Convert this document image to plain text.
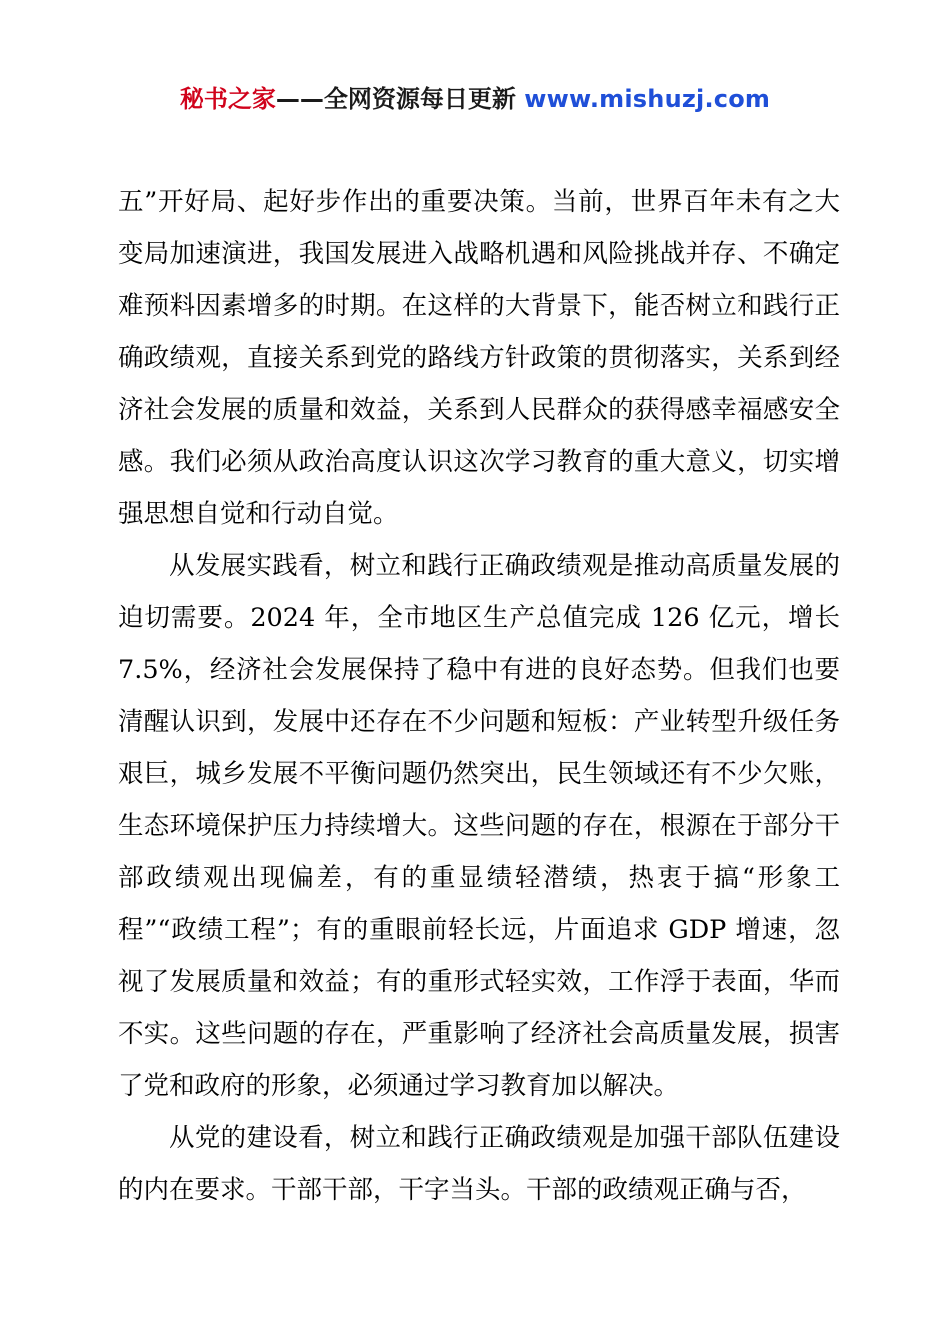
秘书之家——全网资源每日更新 www.mishuzj.com

五”开好局、起好步作出的重要决策。当前，世界百年未有之大变局加速演进，我国发展进入战略机遇和风险挑战并存、不确定难预料因素增多的时期。在这样的大背景下，能否树立和践行正确政绩观，直接关系到党的路线方针政策的贯彻落实，关系到经济社会发展的质量和效益，关系到人民群众的获得感幸福感安全感。我们必须从政治高度认识这次学习教育的重大意义，切实增强思想自觉和行动自觉。

从发展实践看，树立和践行正确政绩观是推动高质量发展的迫切需要。2024 年，全市地区生产总值完成 126 亿元，增长 7.5%，经济社会发展保持了稳中有进的良好态势。但我们也要清醒认识到，发展中还存在不少问题和短板：产业转型升级任务艰巨，城乡发展不平衡问题仍然突出，民生领域还有不少欠账，生态环境保护压力持续增大。这些问题的存在，根源在于部分干部政绩观出现偏差，有的重显绩轻潜绩，热衷于搞“形象工程”“政绩工程”；有的重眼前轻长远，片面追求 GDP 增速，忽视了发展质量和效益；有的重形式轻实效，工作浮于表面，华而不实。这些问题的存在，严重影响了经济社会高质量发展，损害了党和政府的形象，必须通过学习教育加以解决。

从党的建设看，树立和践行正确政绩观是加强干部队伍建设的内在要求。干部干部，干字当头。干部的政绩观正确与否，
